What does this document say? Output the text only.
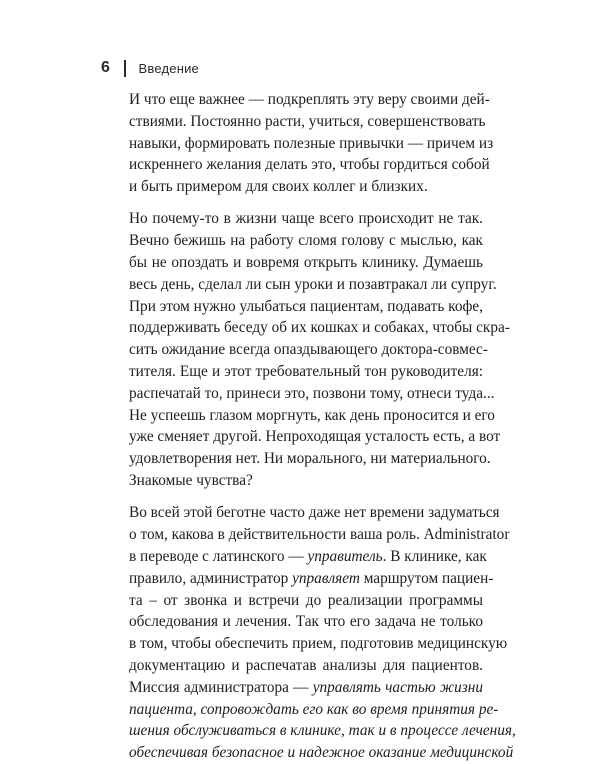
6 Введение
И что еще важнее — подкреплять эту веру своими дей-
ствиями. Постоянно расти, учиться, совершенствовать
навыки, формировать полезные привычки — причем из
искреннего желания делать это, чтобы гордиться собой
и быть примером для своих коллег и близких.
Но почему-то в жизни чаще всего происходит не так.
Вечно бежишь на работу сломя голову с мыслью, как
бы не опоздать и вовремя открыть клинику. Думаешь
весь день, сделал ли сын уроки и позавтракал ли супруг.
При этом нужно улыбаться пациентам, подавать кофе,
поддерживать беседу об их кошках и собаках, чтобы скра-
сить ожидание всегда опаздывающего доктора-совмес-
тителя. Еще и этот требовательный тон руководителя:
распечатай то, принеси это, позвони тому, отнеси туда...
Не успеешь глазом моргнуть, как день проносится и его
уже сменяет другой. Непроходящая усталость есть, а вот
удовлетворения нет. Ни морального, ни материального.
Знакомые чувства?
Во всей этой беготне часто даже нет времени задуматься
о том, какова в действительности ваша роль. Administrator
в переводе с латинского — управитель. В клинике, как
правило, администратор управляет маршрутом пациен-
та – от звонка и встречи до реализации программы
обследования и лечения. Так что его задача не только
в том, чтобы обеспечить прием, подготовив медицинскую
документацию и распечатав анализы для пациентов.
Миссия администратора — управлять частью жизни
пациента, сопровождать его как во время принятия ре-
шения обслуживаться в клинике, так и в процессе лечения,
обеспечивая безопасное и надежное оказание медицинской
